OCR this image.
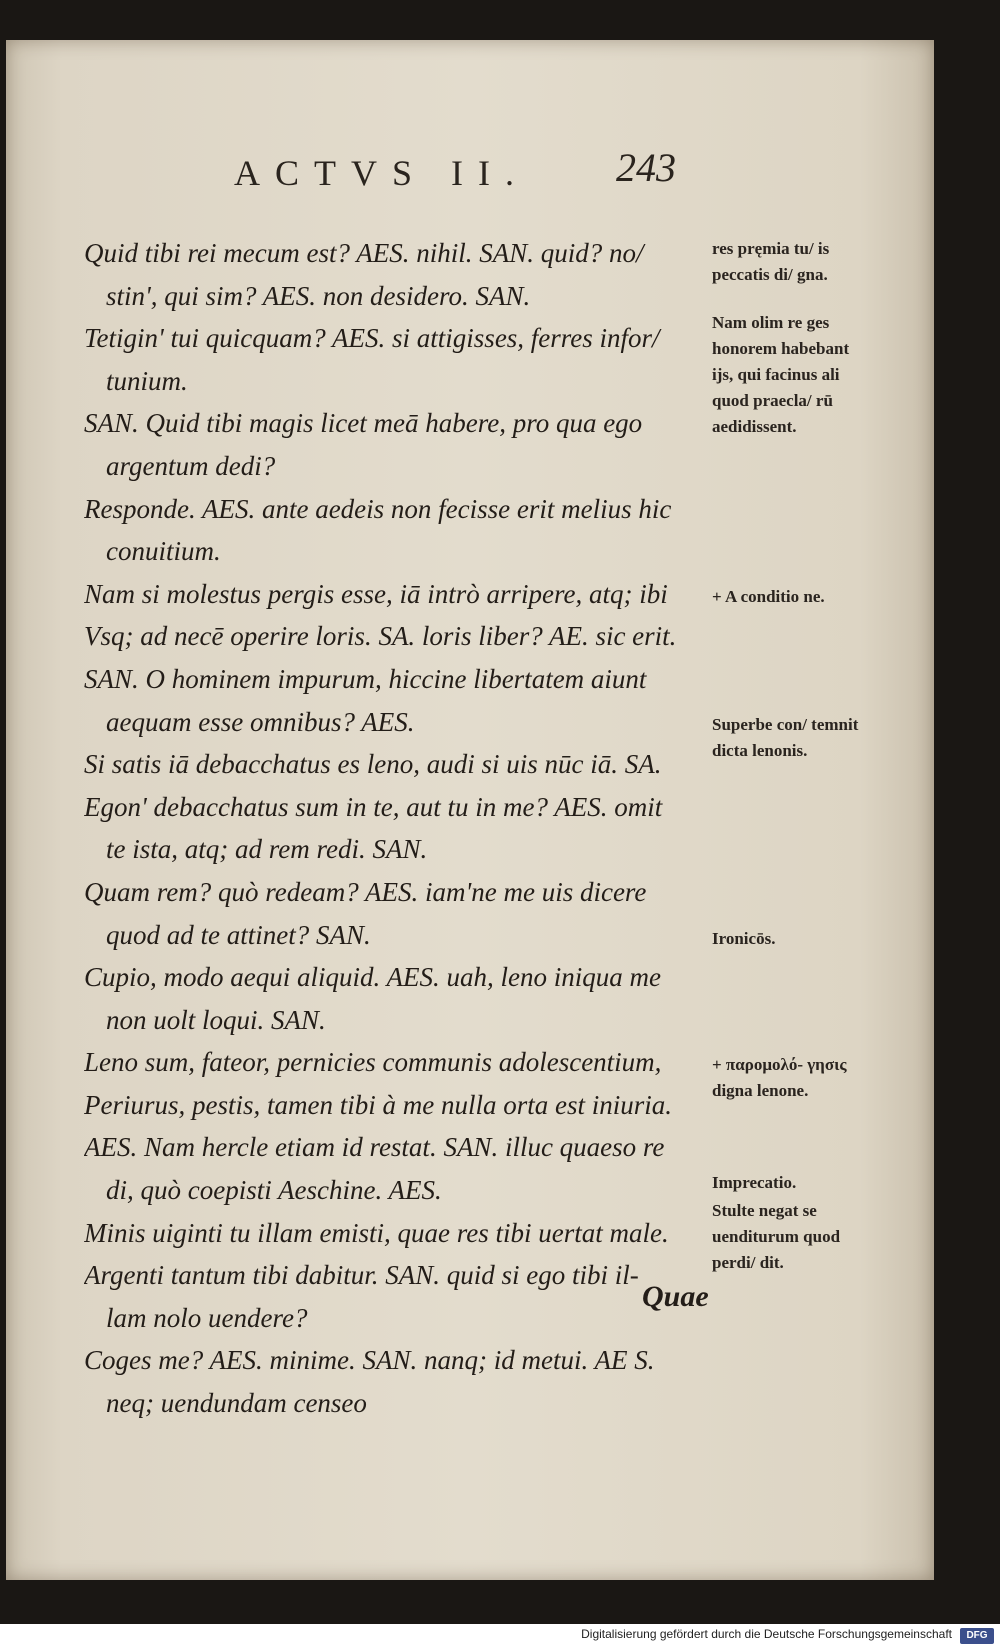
ACTVS II. 243
Quid tibi rei mecum est? AES. nihil. SAN. quid? no/
stin', qui sim? AES. non desidero. SAN.
Tetigin' tui quicquam? AES. si attigisses, ferres infor/
tunium.
SAN. Quid tibi magis licet meā habere, pro qua ego
argentum dedi?
Responde. AES. ante aedeis non fecisse erit melius hic
conuitium.
Nam si molestus pergis esse, iā intrò arripere, atq; ibi
Vsq; ad necē operire loris. SA. loris liber? AE. sic erit.
SAN. O hominem impurum, hiccine libertatem aiunt
aequam esse omnibus? AES.
Si satis iā debacchatus es leno, audi si uis nūc iā. SA.
Egon' debacchatus sum in te, aut tu in me? AES. omit
te ista, atq; ad rem redi. SAN.
Quam rem? quò redeam? AES. iam'ne me uis dicere
quod ad te attinet? SAN.
Cupio, modo aequi aliquid. AES. uah, leno iniqua me
non uolt loqui. SAN.
Leno sum, fateor, pernicies communis adolescentium,
Periurus, pestis, tamen tibi à me nulla orta est iniuria.
AES. Nam hercle etiam id restat. SAN. illuc quaeso re
di, quò coepisti Aeschine. AES.
Minis uiginti tu illam emisti, quae res tibi uertat male.
Argenti tantum tibi dabitur. SAN. quid si ego tibi il-
lam nolo uendere?
Coges me? AES. minime. SAN. nanq; id metui. AE S.
neq; uendundam censeo
res pręmia tu/ is peccatis di/ gna.
Nam olim re ges honorem habebant ijs, qui facinus ali quod praecla/ rū aedidissent.
+ A conditio ne.
Superbe con/ temnit dicta lenonis.
Ironicōs.
+ παρομολό- γησις digna lenone.
Imprecatio.
Stulte negat se uenditurum quod perdi/ dit.
Quae
Digitalisierung gefördert durch die Deutsche Forschungsgemeinschaft	DFG
